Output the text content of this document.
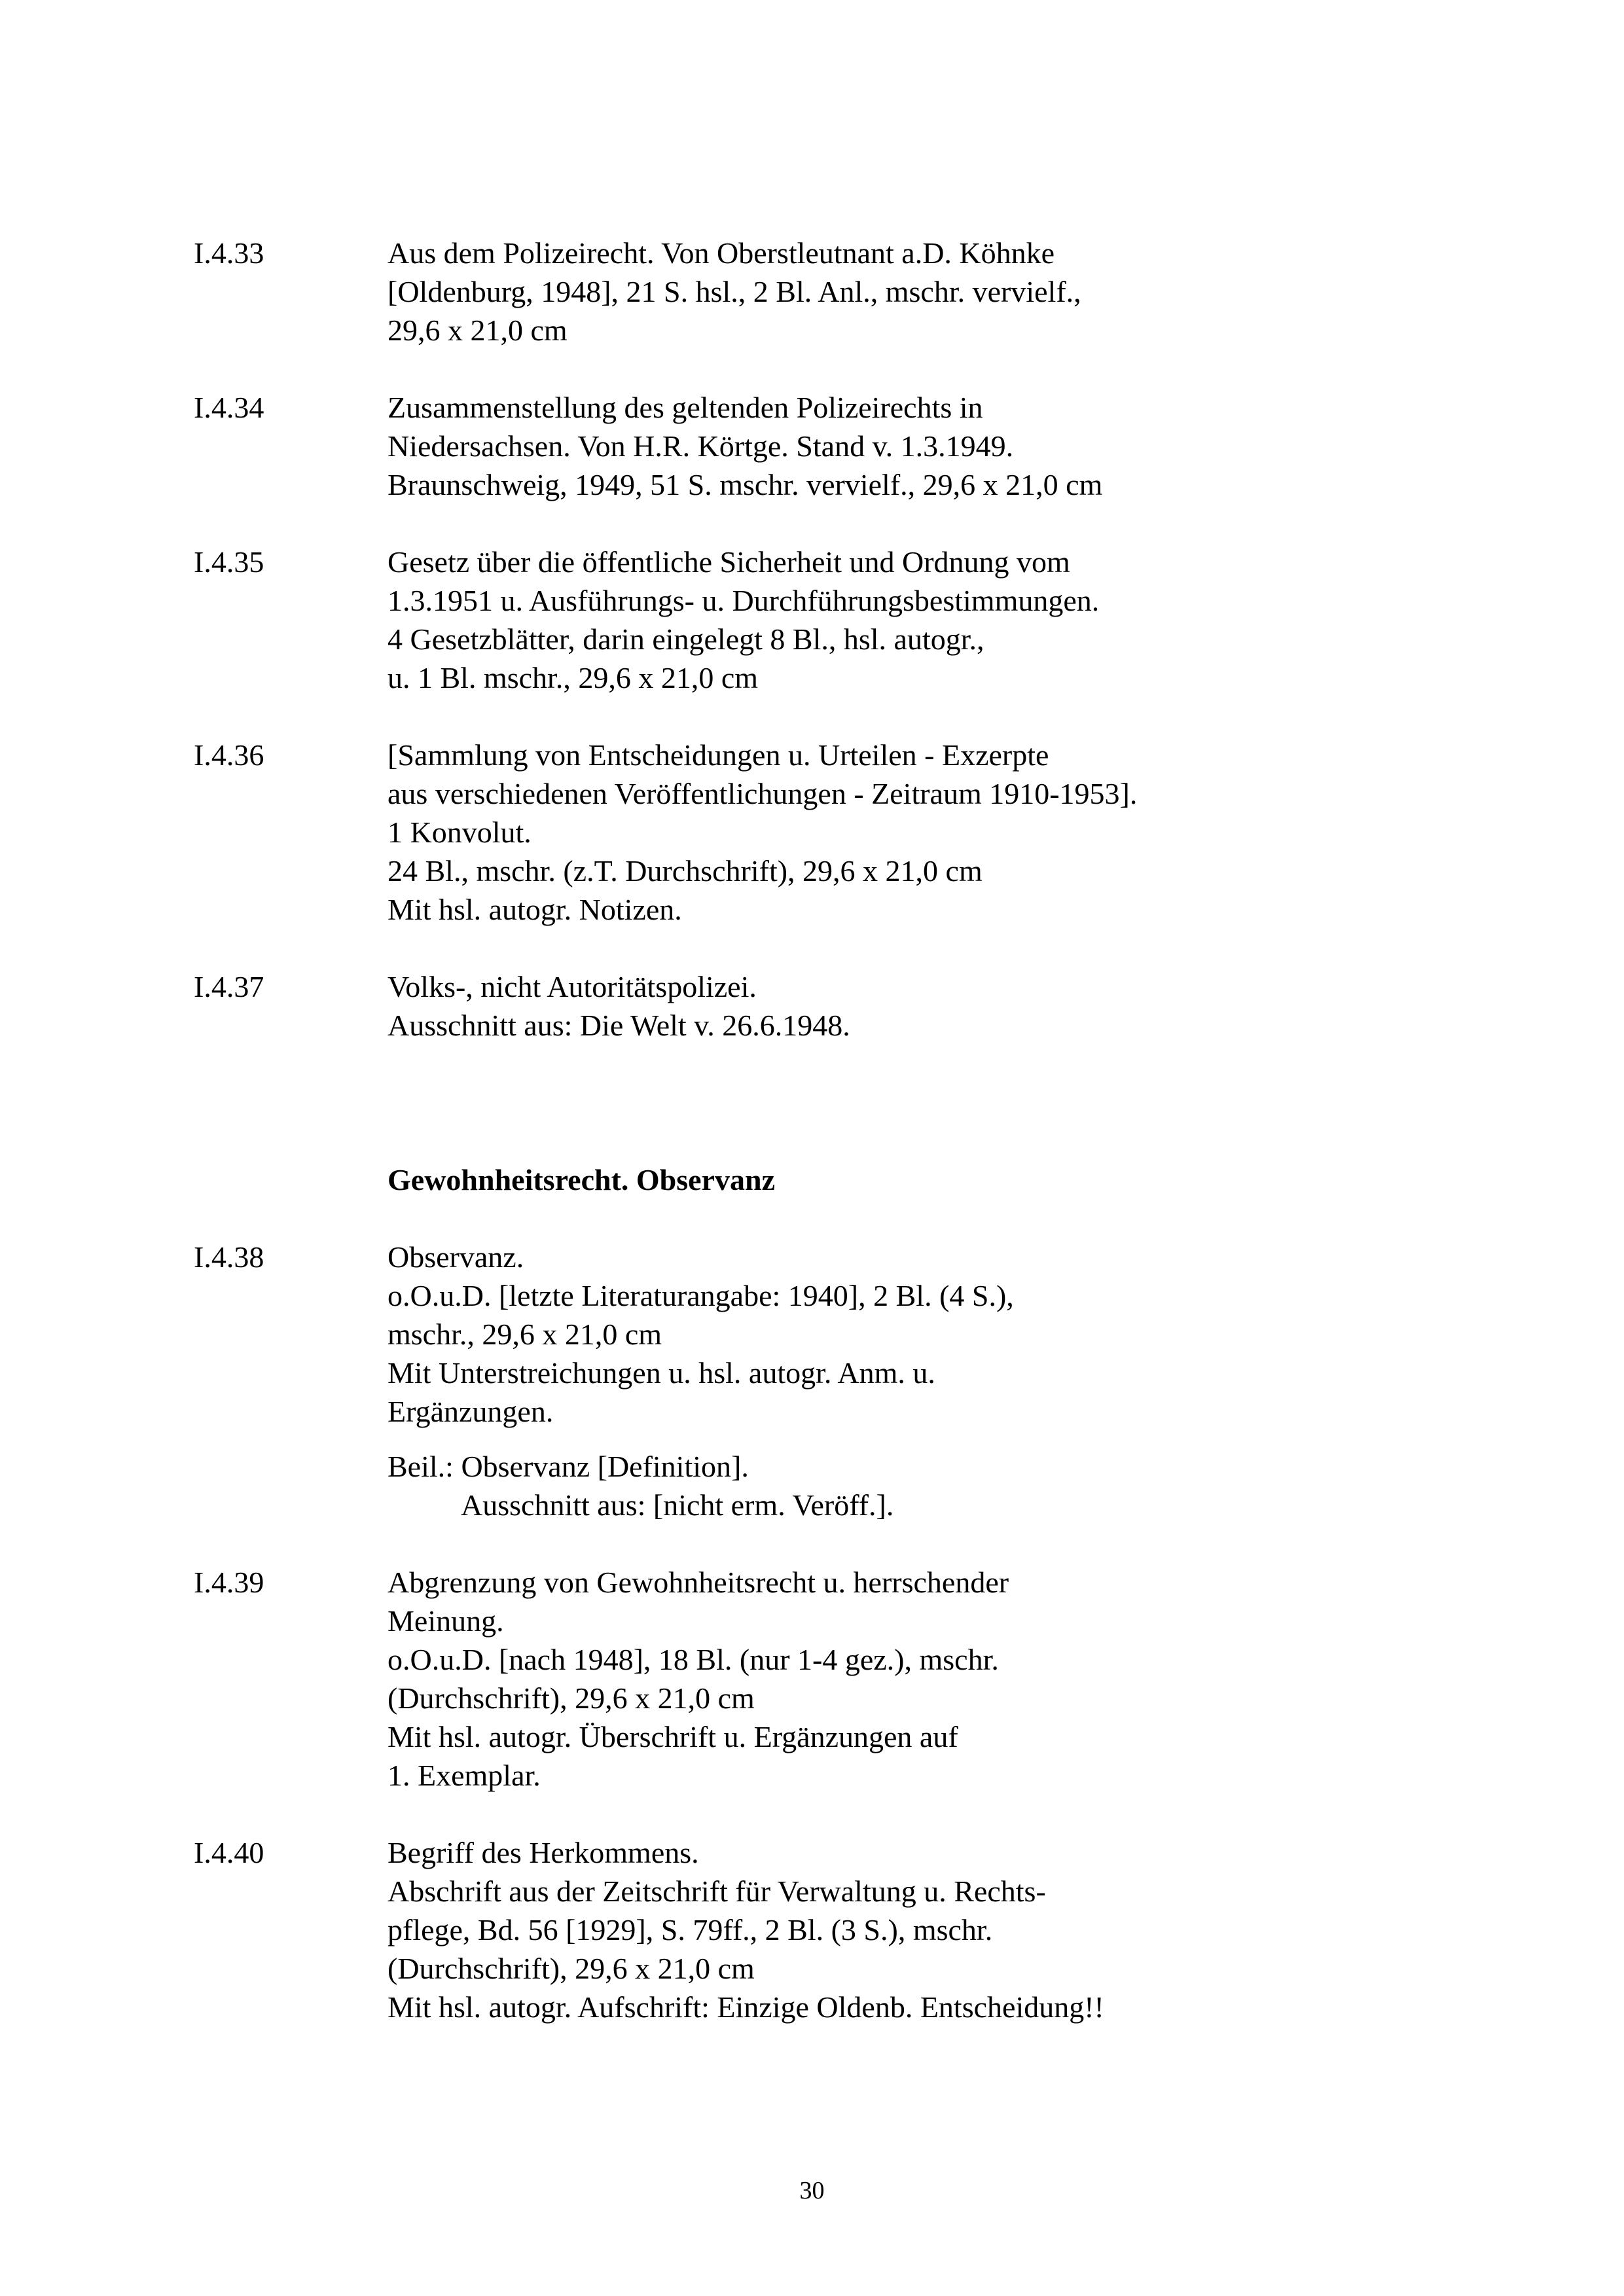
I.4.33	Aus dem Polizeirecht. Von Oberstleutnant a.D. Köhnke
[Oldenburg, 1948], 21 S. hsl., 2 Bl. Anl., mschr. vervielf.,
29,6 x 21,0 cm
I.4.34	Zusammenstellung des geltenden Polizeirechts in
Niedersachsen. Von H.R. Körtge. Stand v. 1.3.1949.
Braunschweig, 1949, 51 S. mschr. vervielf., 29,6 x 21,0 cm
I.4.35	Gesetz über die öffentliche Sicherheit und Ordnung vom
1.3.1951 u. Ausführungs- u. Durchführungsbestimmungen.
4 Gesetzblätter, darin eingelegt 8 Bl., hsl. autogr.,
u. 1 Bl. mschr., 29,6 x 21,0 cm
I.4.36	[Sammlung von Entscheidungen u. Urteilen - Exzerpte
aus verschiedenen Veröffentlichungen - Zeitraum 1910-1953].
1 Konvolut.
24 Bl., mschr. (z.T. Durchschrift), 29,6 x 21,0 cm
Mit hsl. autogr. Notizen.
I.4.37	Volks-, nicht Autoritätspolizei.
Ausschnitt aus: Die Welt v. 26.6.1948.
Gewohnheitsrecht. Observanz
I.4.38	Observanz.
o.O.u.D. [letzte Literaturangabe: 1940], 2 Bl. (4 S.),
mschr., 29,6 x 21,0 cm
Mit Unterstreichungen u. hsl. autogr. Anm. u.
Ergänzungen.
Beil.: Observanz [Definition].
Ausschnitt aus: [nicht erm. Veröff.].
I.4.39	Abgrenzung von Gewohnheitsrecht u. herrschender
Meinung.
o.O.u.D. [nach 1948], 18 Bl. (nur 1-4 gez.), mschr.
(Durchschrift), 29,6 x 21,0 cm
Mit hsl. autogr. Überschrift u. Ergänzungen auf
1. Exemplar.
I.4.40	Begriff des Herkommens.
Abschrift aus der Zeitschrift für Verwaltung u. Rechts-
pflege, Bd. 56 [1929], S. 79ff., 2 Bl. (3 S.), mschr.
(Durchschrift), 29,6 x 21,0 cm
Mit hsl. autogr. Aufschrift: Einzige Oldenb. Entscheidung!!
30
